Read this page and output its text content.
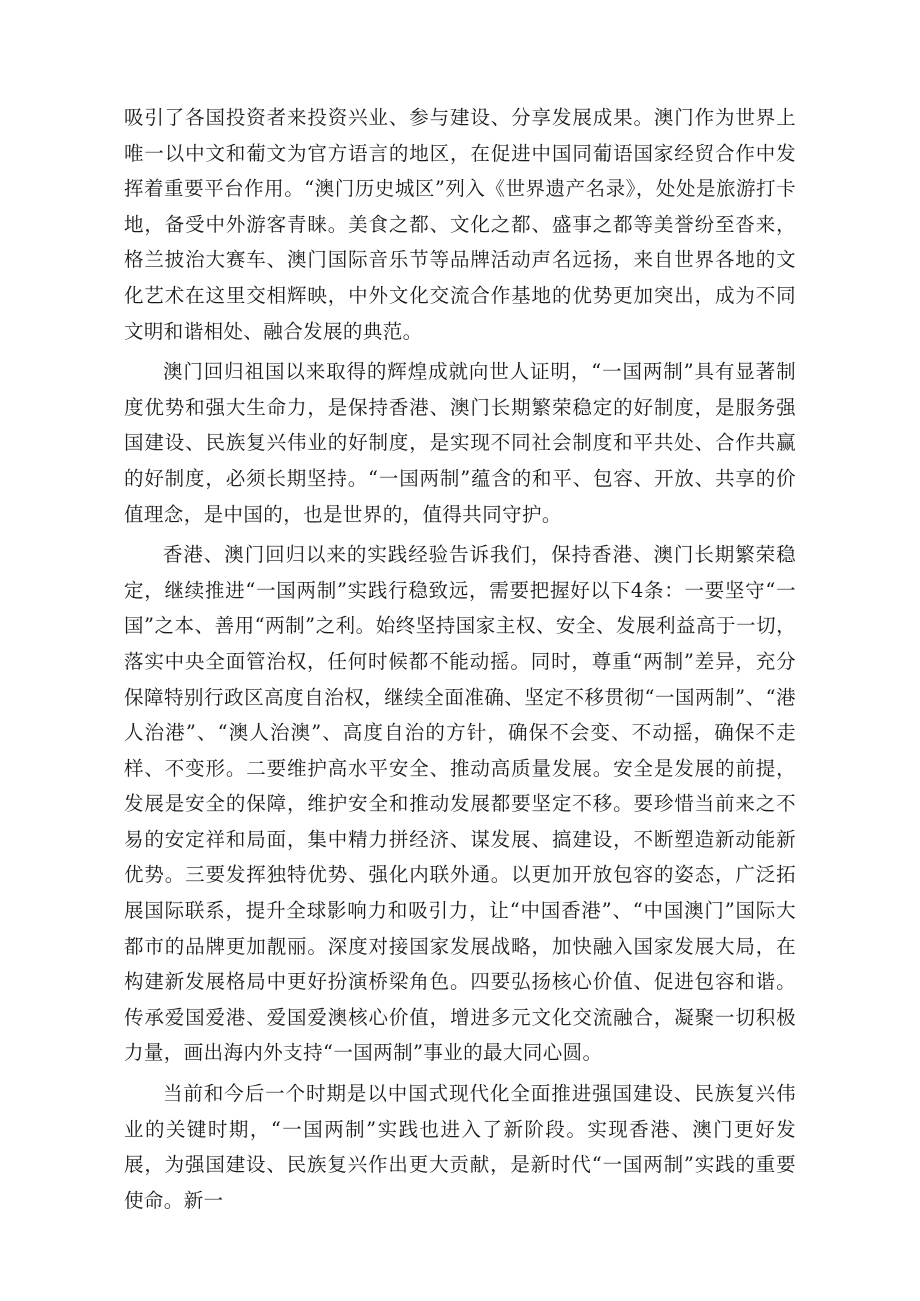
吸引了各国投资者来投资兴业、参与建设、分享发展成果。澳门作为世界上唯一以中文和葡文为官方语言的地区，在促进中国同葡语国家经贸合作中发挥着重要平台作用。“澳门历史城区”列入《世界遗产名录》，处处是旅游打卡地，备受中外游客青睐。美食之都、文化之都、盛事之都等美誉纷至沓来，格兰披治大赛车、澳门国际音乐节等品牌活动声名远扬，来自世界各地的文化艺术在这里交相辉映，中外文化交流合作基地的优势更加突出，成为不同文明和谐相处、融合发展的典范。

澳门回归祖国以来取得的辉煌成就向世人证明，“一国两制”具有显著制度优势和强大生命力，是保持香港、澳门长期繁荣稳定的好制度，是服务强国建设、民族复兴伟业的好制度，是实现不同社会制度和平共处、合作共赢的好制度，必须长期坚持。“一国两制”蕴含的和平、包容、开放、共享的价值理念，是中国的，也是世界的，值得共同守护。

香港、澳门回归以来的实践经验告诉我们，保持香港、澳门长期繁荣稳定，继续推进“一国两制”实践行稳致远，需要把握好以下4条：一要坚守“一国”之本、善用“两制”之利。始终坚持国家主权、安全、发展利益高于一切，落实中央全面管治权，任何时候都不能动摇。同时，尊重“两制”差异，充分保障特别行政区高度自治权，继续全面准确、坚定不移贯彻“一国两制”、“港人治港”、“澳人治澳”、高度自治的方针，确保不会变、不动摇，确保不走样、不变形。二要维护高水平安全、推动高质量发展。安全是发展的前提，发展是安全的保障，维护安全和推动发展都要坚定不移。要珍惜当前来之不易的安定祥和局面，集中精力拼经济、谋发展、搞建设，不断塑造新动能新优势。三要发挥独特优势、强化内联外通。以更加开放包容的姿态，广泛拓展国际联系，提升全球影响力和吸引力，让“中国香港”、“中国澳门”国际大都市的品牌更加靓丽。深度对接国家发展战略，加快融入国家发展大局，在构建新发展格局中更好扮演桥梁角色。四要弘扬核心价值、促进包容和谐。传承爱国爱港、爱国爱澳核心价值，增进多元文化交流融合，凝聚一切积极力量，画出海内外支持“一国两制”事业的最大同心圆。

当前和今后一个时期是以中国式现代化全面推进强国建设、民族复兴伟业的关键时期，“一国两制”实践也进入了新阶段。实现香港、澳门更好发展，为强国建设、民族复兴作出更大贡献，是新时代“一国两制”实践的重要使命。新一
